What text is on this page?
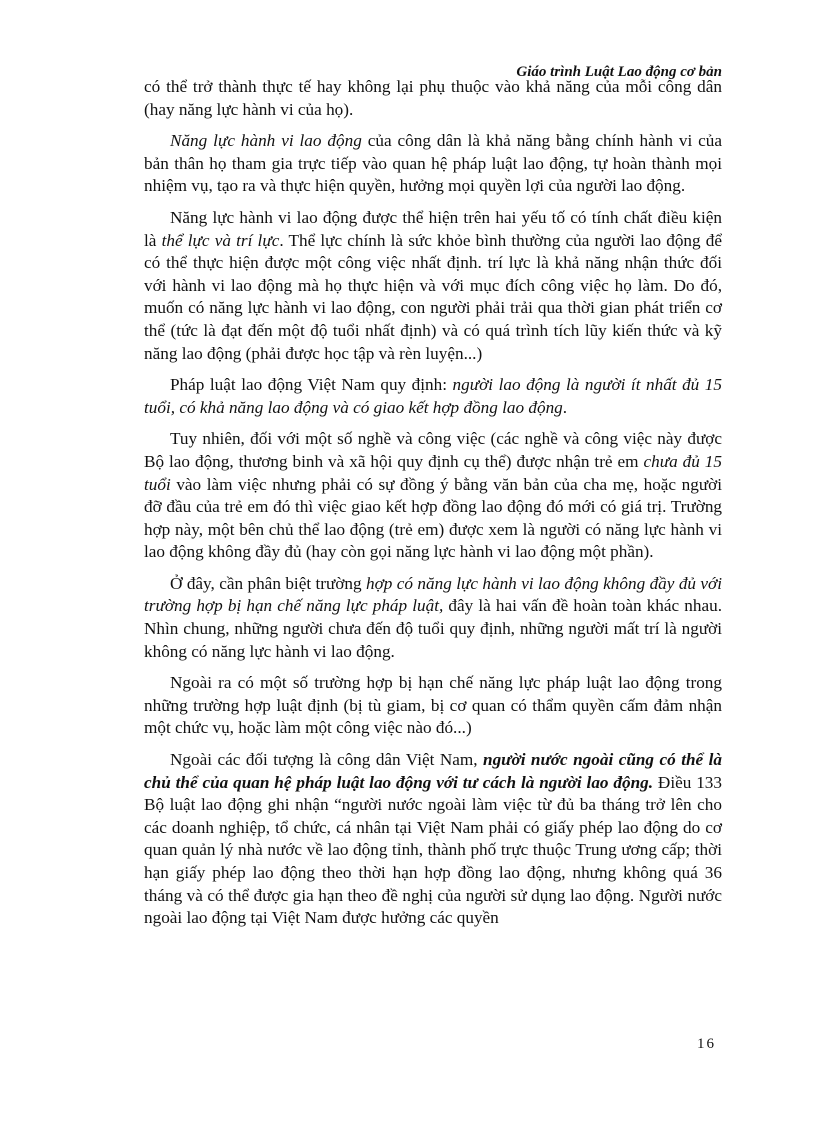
Giáo trình Luật Lao động cơ bản

có thể trở thành thực tế hay không lại phụ thuộc vào khả năng của mỗi công dân (hay năng lực hành vi của họ).

Năng lực hành vi lao động của công dân là khả năng bằng chính hành vi của bản thân họ tham gia trực tiếp vào quan hệ pháp luật lao động, tự hoàn thành mọi nhiệm vụ, tạo ra và thực hiện quyền, hưởng mọi quyền lợi của người lao động.

Năng lực hành vi lao động được thể hiện trên hai yếu tố có tính chất điều kiện là thể lực và trí lực. Thể lực chính là sức khỏe bình thường của người lao động để có thể thực hiện được một công việc nhất định. trí lực là khả năng nhận thức đối với hành vi lao động mà họ thực hiện và với mục đích công việc họ làm. Do đó, muốn có năng lực hành vi lao động, con người phải trải qua thời gian phát triển cơ thể (tức là đạt đến một độ tuổi nhất định) và có quá trình tích lũy kiến thức và kỹ năng lao động (phải được học tập và rèn luyện...)

Pháp luật lao động Việt Nam quy định: người lao động là người ít nhất đủ 15 tuổi, có khả năng lao động và có giao kết hợp đồng lao động.

Tuy nhiên, đối với một số nghề và công việc (các nghề và công việc này được Bộ lao động, thương binh và xã hội quy định cụ thể) được nhận trẻ em chưa đủ 15 tuổi vào làm việc nhưng phải có sự đồng ý bằng văn bản của cha mẹ, hoặc người đỡ đầu của trẻ em đó thì việc giao kết hợp đồng lao động đó mới có giá trị. Trường hợp này, một bên chủ thể lao động (trẻ em) được xem là người có năng lực hành vi lao động không đầy đủ (hay còn gọi năng lực hành vi lao động một phần).

Ở đây, cần phân biệt trường hợp có năng lực hành vi lao động không đầy đủ với trường hợp bị hạn chế năng lực pháp luật, đây là hai vấn đề hoàn toàn khác nhau. Nhìn chung, những người chưa đến độ tuổi quy định, những người mất trí là người không có năng lực hành vi lao động.

Ngoài ra có một số trường hợp bị hạn chế năng lực pháp luật lao động trong những trường hợp luật định (bị tù giam, bị cơ quan có thẩm quyền cấm đảm nhận một chức vụ, hoặc làm một công việc nào đó...)

Ngoài các đối tượng là công dân Việt Nam, người nước ngoài cũng có thể là chủ thể của quan hệ pháp luật lao động với tư cách là người lao động. Điều 133 Bộ luật lao động ghi nhận “người nước ngoài làm việc từ đủ ba tháng trở lên cho các doanh nghiệp, tổ chức, cá nhân tại Việt Nam phải có giấy phép lao động do cơ quan quản lý nhà nước về lao động tỉnh, thành phố trực thuộc Trung ương cấp; thời hạn giấy phép lao động theo thời hạn hợp đồng lao động, nhưng không quá 36 tháng và có thể được gia hạn theo đề nghị của người sử dụng lao động. Người nước ngoài lao động tại Việt Nam được hưởng các quyền

16
